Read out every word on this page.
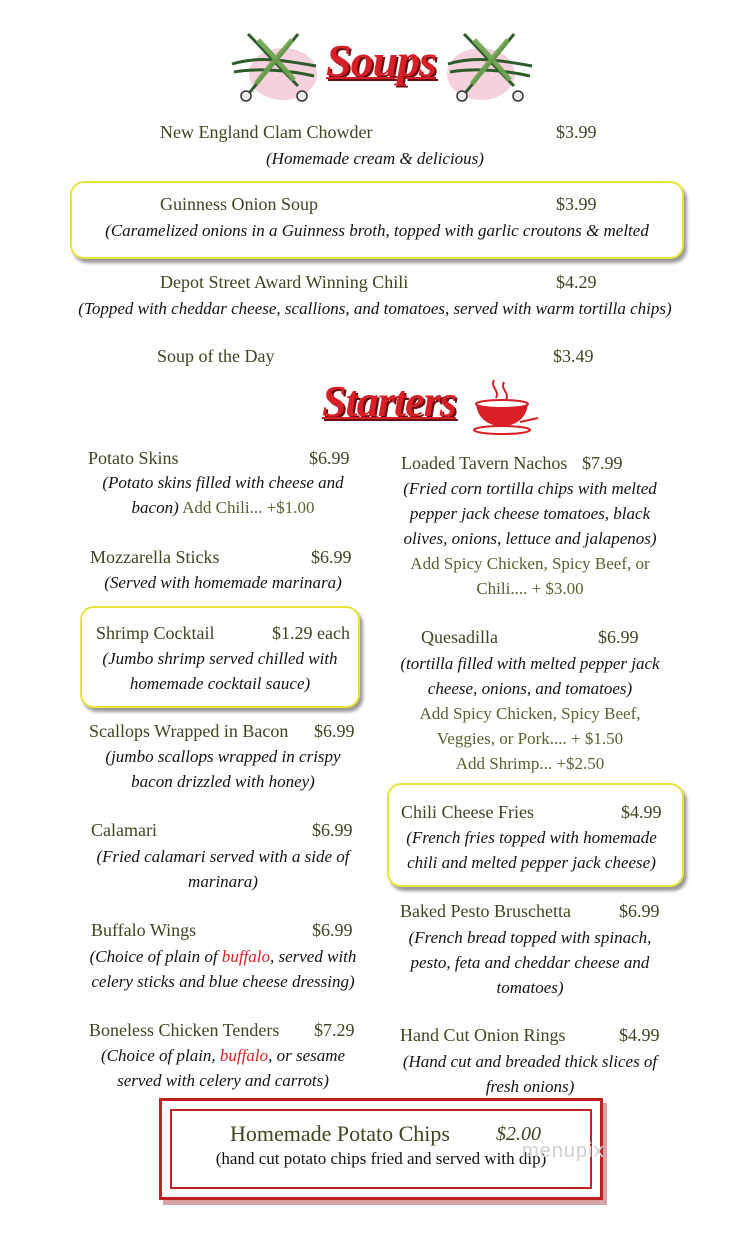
Soups
New England Clam Chowder	$3.99
(Homemade cream & delicious)
Guinness Onion Soup	$3.99
(Caramelized onions in a Guinness broth, topped with garlic croutons & melted
Depot Street Award Winning Chili	$4.29
(Topped with cheddar cheese, scallions, and tomatoes, served with warm tortilla chips)
Soup of the Day	$3.49
Starters
Potato Skins	$6.99
(Potato skins filled with cheese and
bacon) Add Chili... +$1.00
Mozzarella Sticks	$6.99
(Served with homemade marinara)
Shrimp Cocktail	$1.29 each
(Jumbo shrimp served chilled with
homemade cocktail sauce)
Scallops Wrapped in Bacon $6.99
(jumbo scallops wrapped in crispy
bacon drizzled with honey)
Calamari	$6.99
(Fried calamari served with a side of
marinara)
Buffalo Wings	$6.99
(Choice of plain of buffalo, served with
celery sticks and blue cheese dressing)
Boneless Chicken Tenders $7.29
(Choice of plain, buffalo, or sesame
served with celery and carrots)
Loaded Tavern Nachos $7.99
(Fried corn tortilla chips with melted
pepper jack cheese tomatoes, black
olives, onions, lettuce and jalapenos)
Add Spicy Chicken, Spicy Beef, or
Chili.... + $3.00
Quesadilla	$6.99
(tortilla filled with melted pepper jack
cheese, onions, and tomatoes)
Add Spicy Chicken, Spicy Beef,
Veggies, or Pork.... + $1.50
Add Shrimp... +$2.50
Chili Cheese Fries	$4.99
(French fries topped with homemade
chili and melted pepper jack cheese)
Baked Pesto Bruschetta	$6.99
(French bread topped with spinach,
pesto, feta and cheddar cheese and
tomatoes)
Hand Cut Onion Rings	$4.99
(Hand cut and breaded thick slices of
fresh onions)
Homemade Potato Chips $2.00
(hand cut potato chips fried and served with dip)
menupix
